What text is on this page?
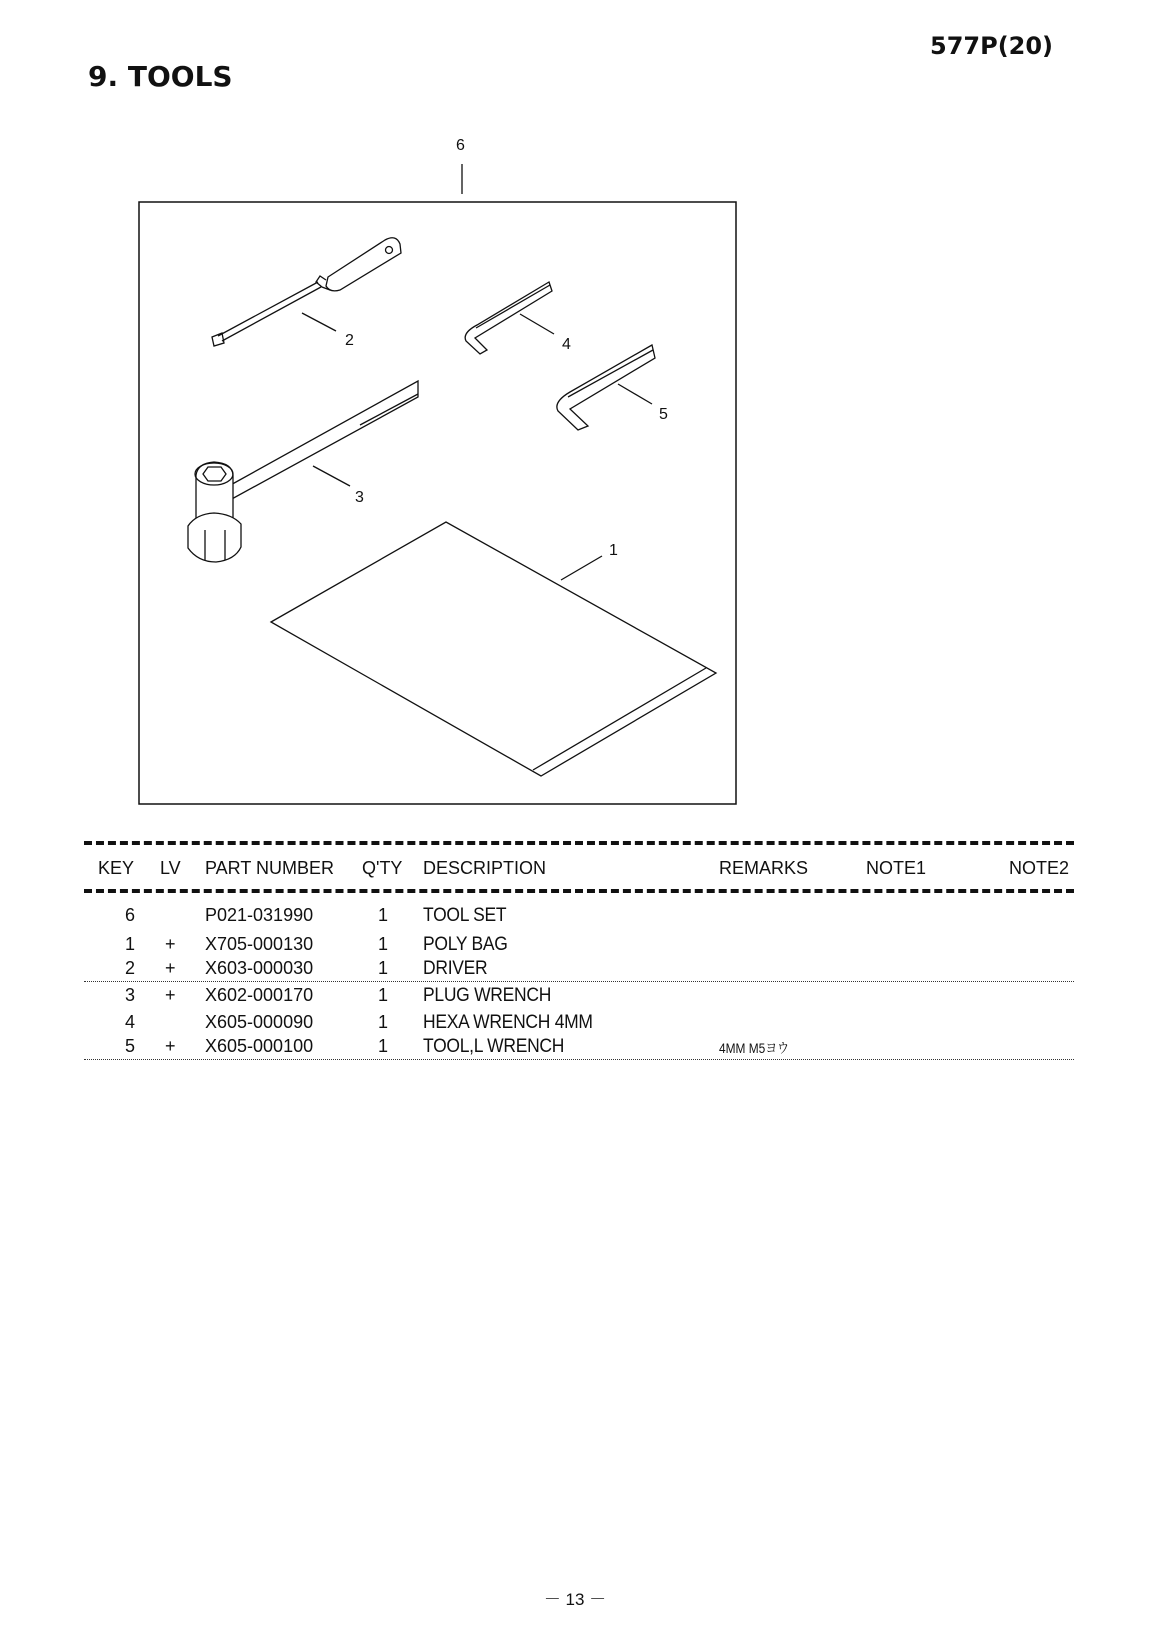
577P(20)
9. TOOLS
6
2	4
5
3
1
KEY LV PART NUMBER Q'TY DESCRIPTION	REMARKS	NOTE1	NOTE2
6	P021-031990	1 TOOL SET
1 + X705-000130	1 POLY BAG
2 + X603-000030	1 DRIVER
3 + X602-000170	1 PLUG WRENCH
4	X605-000090	1 HEXA WRENCH 4MM
5 + X605-000100	1 TOOL,L WRENCH	4MM M5ヨウ
－ 13 －
